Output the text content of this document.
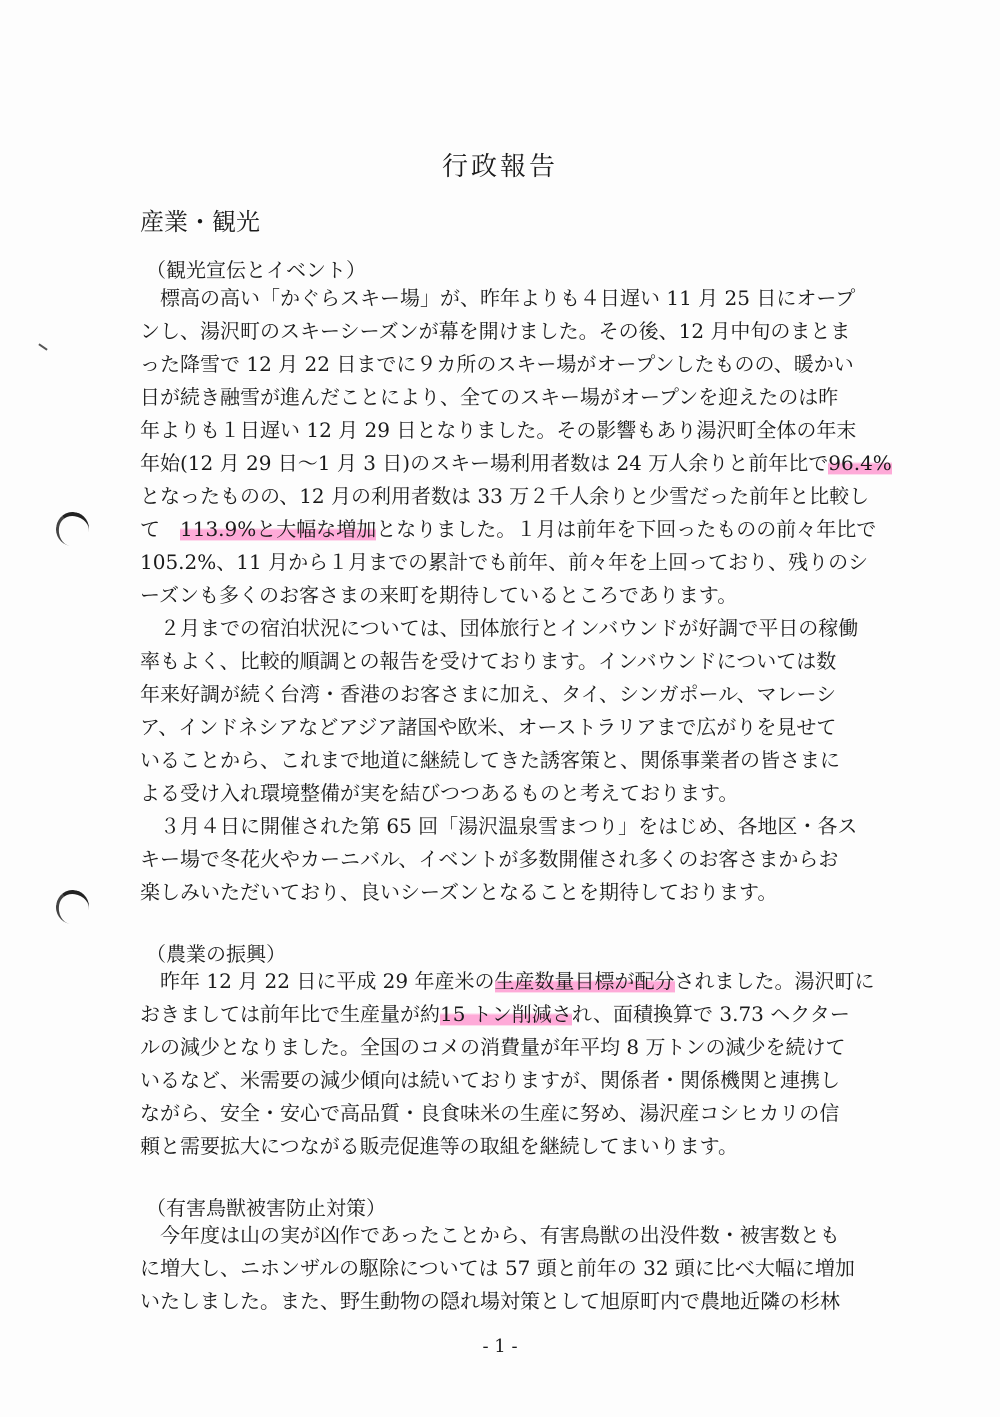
行政報告
産業・観光
（観光宣伝とイベント）
　標高の高い「かぐらスキー場」が、昨年よりも４日遅い 11 月 25 日にオープ
ンし、湯沢町のスキーシーズンが幕を開けました。その後、12 月中旬のまとま
った降雪で 12 月 22 日までに９カ所のスキー場がオープンしたものの、暖かい
日が続き融雪が進んだことにより、全てのスキー場がオープンを迎えたのは昨
年よりも１日遅い 12 月 29 日となりました。その影響もあり湯沢町全体の年末
年始(12 月 29 日～1 月 3 日)のスキー場利用者数は 24 万人余りと前年比で96.4%
となったものの、12 月の利用者数は 33 万２千人余りと少雪だった前年と比較し
て　 113.9%と大幅な増加となりました。１月は前年を下回ったものの前々年比で
105.2%、11 月から１月までの累計でも前年、前々年を上回っており、残りのシ
ーズンも多くのお客さまの来町を期待しているところであります。
　２月までの宿泊状況については、団体旅行とインバウンドが好調で平日の稼働
率もよく、比較的順調との報告を受けております。インバウンドについては数
年来好調が続く台湾・香港のお客さまに加え、タイ、シンガポール、マレーシ
ア、インドネシアなどアジア諸国や欧米、オーストラリアまで広がりを見せて
いることから、これまで地道に継続してきた誘客策と、関係事業者の皆さまに
よる受け入れ環境整備が実を結びつつあるものと考えております。
　３月４日に開催された第 65 回「湯沢温泉雪まつり」をはじめ、各地区・各ス
キー場で冬花火やカーニバル、イベントが多数開催され多くのお客さまからお
楽しみいただいており、良いシーズンとなることを期待しております。
（農業の振興）
　昨年 12 月 22 日に平成 29 年産米の生産数量目標が配分されました。湯沢町に
おきましては前年比で生産量が約15 トン削減され、面積換算で 3.73 ヘクター
ルの減少となりました。全国のコメの消費量が年平均 8 万トンの減少を続けて
いるなど、米需要の減少傾向は続いておりますが、関係者・関係機関と連携し
ながら、安全・安心で高品質・良食味米の生産に努め、湯沢産コシヒカリの信
頼と需要拡大につながる販売促進等の取組を継続してまいります。
（有害鳥獣被害防止対策）
　今年度は山の実が凶作であったことから、有害鳥獣の出没件数・被害数とも
に増大し、ニホンザルの駆除については 57 頭と前年の 32 頭に比べ大幅に増加
いたしました。また、野生動物の隠れ場対策として旭原町内で農地近隣の杉林
- 1 -
